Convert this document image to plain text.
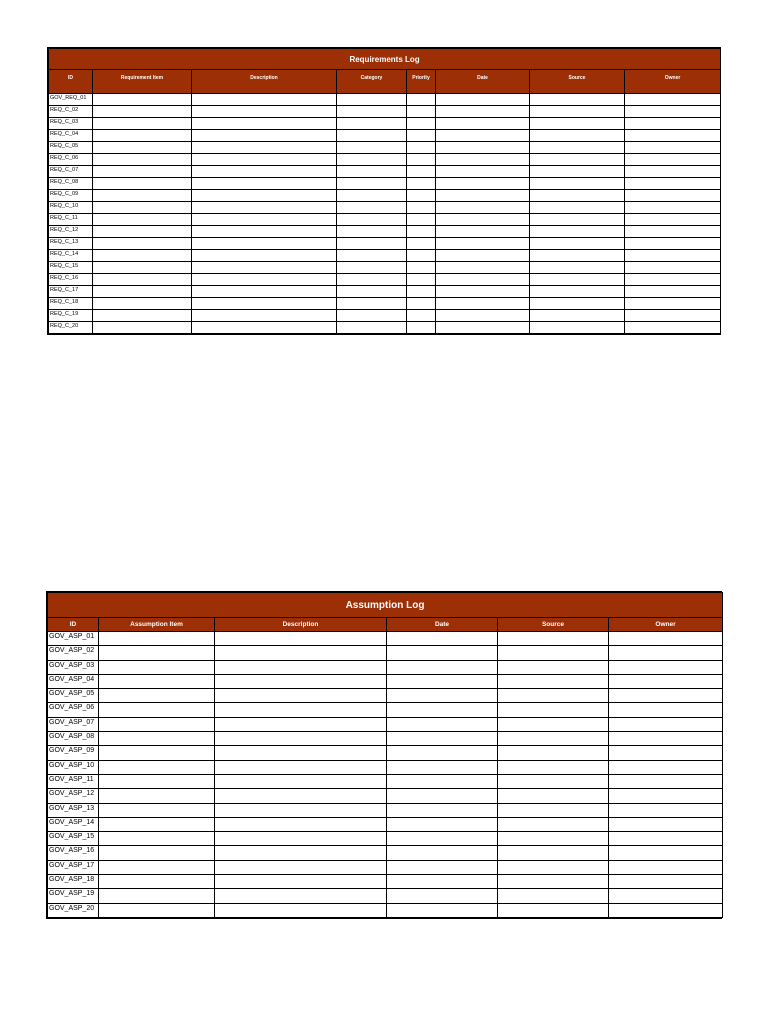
Requirements Log							
ID	Requirement Item	Description	Category	Priority	Date	Source	Owner
GOV_REQ_01							
REQ_C_02							
REQ_C_03							
REQ_C_04							
REQ_C_05							
REQ_C_06							
REQ_C_07							
REQ_C_08							
REQ_C_09							
REQ_C_10							
REQ_C_11							
REQ_C_12							
REQ_C_13							
REQ_C_14							
REQ_C_15							
REQ_C_16							
REQ_C_17							
REQ_C_18							
REQ_C_19							
REQ_C_20							
Assumption Log					
ID	Assumption Item	Description	Date	Source	Owner
GOV_ASP_01					
GOV_ASP_02					
GOV_ASP_03					
GOV_ASP_04					
GOV_ASP_05					
GOV_ASP_06					
GOV_ASP_07					
GOV_ASP_08					
GOV_ASP_09					
GOV_ASP_10					
GOV_ASP_11					
GOV_ASP_12					
GOV_ASP_13					
GOV_ASP_14					
GOV_ASP_15					
GOV_ASP_16					
GOV_ASP_17					
GOV_ASP_18					
GOV_ASP_19					
GOV_ASP_20					
